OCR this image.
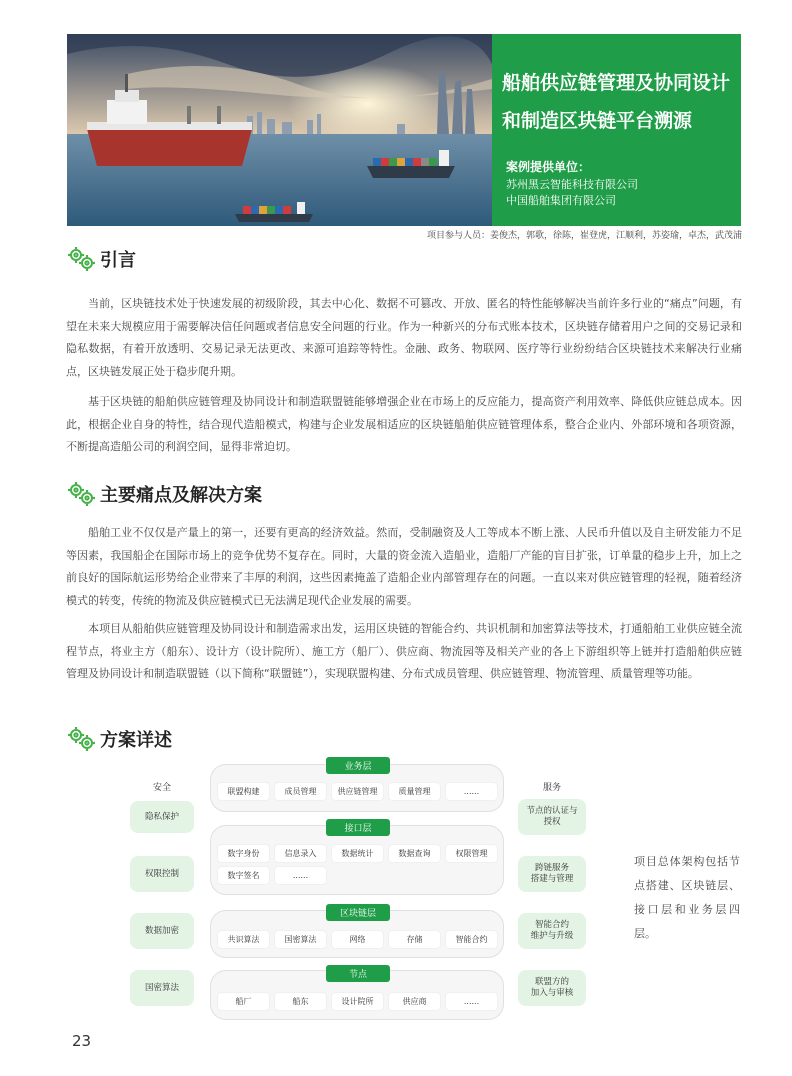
船舶供应链管理及协同设计和制造区块链平台溯源
案例提供单位：
苏州黑云智能科技有限公司
中国船舶集团有限公司
项目参与人员：姜俊杰，郭歌，徐陈，崔登虎，江顺利，苏姿瑜，卓杰，武茂浦
引言
当前，区块链技术处于快速发展的初级阶段，其去中心化、数据不可篡改、开放、匿名的特性能够解决当前许多行业的“痛点”问题，有望在未来大规模应用于需要解决信任问题或者信息安全问题的行业。作为一种新兴的分布式账本技术，区块链存储着用户之间的交易记录和隐私数据，有着开放透明、交易记录无法更改、来源可追踪等特性。金融、政务、物联网、医疗等行业纷纷结合区块链技术来解决行业痛点，区块链发展正处于稳步爬升期。
基于区块链的船舶供应链管理及协同设计和制造联盟链能够增强企业在市场上的反应能力，提高资产利用效率、降低供应链总成本。因此，根据企业自身的特性，结合现代造船模式，构建与企业发展相适应的区块链船舶供应链管理体系，整合企业内、外部环境和各项资源，不断提高造船公司的利润空间，显得非常迫切。
主要痛点及解决方案
船舶工业不仅仅是产量上的第一，还要有更高的经济效益。然而，受制融资及人工等成本不断上涨、人民币升值以及自主研发能力不足等因素，我国船企在国际市场上的竞争优势不复存在。同时，大量的资金流入造船业，造船厂产能的盲目扩张，订单量的稳步上升，加上之前良好的国际航运形势给企业带来了丰厚的利润，这些因素掩盖了造船企业内部管理存在的问题。一直以来对供应链管理的轻视，随着经济模式的转变，传统的物流及供应链模式已无法满足现代企业发展的需要。
本项目从船舶供应链管理及协同设计和制造需求出发，运用区块链的智能合约、共识机制和加密算法等技术，打通船舶工业供应链全流程节点，将业主方（船东）、设计方（设计院所）、施工方（船厂）、供应商、物流园等及相关产业的各上下游组织等上链并打造船舶供应链管理及协同设计和制造联盟链（以下简称“联盟链”），实现联盟构建、分布式成员管理、供应链管理、物流管理、质量管理等功能。
方案详述
安全	服务
隐私保护
权限控制
数据加密
国密算法
节点的认证与
授权
跨链服务
搭建与管理
智能合约
维护与升级
联盟方的
加入与审核
业务层
联盟构建	成员管理	供应链管理	质量管理	......
接口层
数字身份	信息录入	数据统计	数据查询	权限管理
数字签名	......
区块链层
共识算法	国密算法	网络	存储	智能合约
节点
船厂	船东	设计院所	供应商	......
项目总体架构包括节点搭建、区块链层、接口层和业务层四层。
23
